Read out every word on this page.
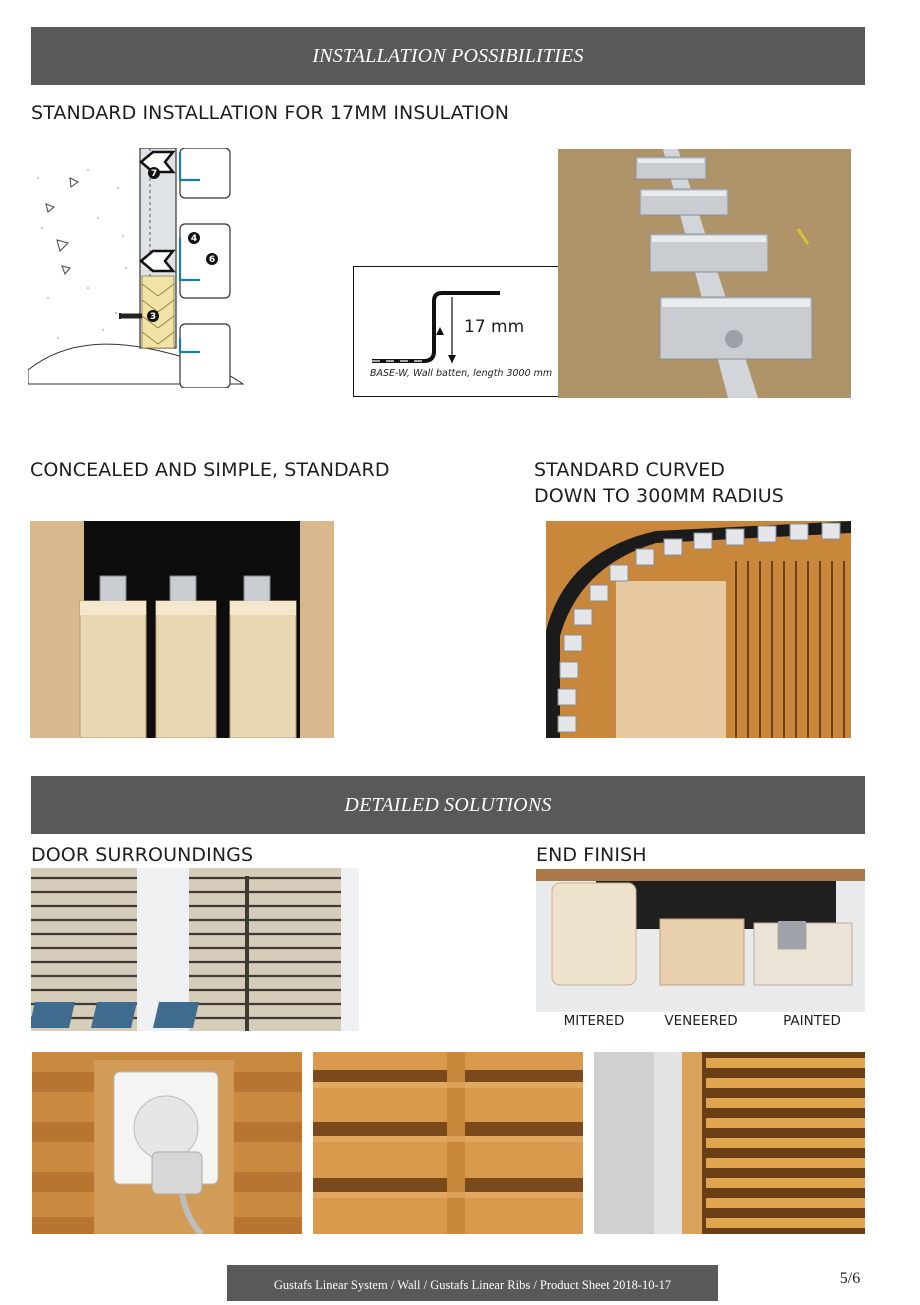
INSTALLATION POSSIBILITIES
STANDARD INSTALLATION FOR 17MM INSULATION
7
4
6
3	17 mm
BASE-W, Wall batten, length 3000 mm
CONCEALED AND SIMPLE, STANDARD	STANDARD CURVED
DOWN TO 300MM RADIUS
DETAILED SOLUTIONS
DOOR SURROUNDINGS	END FINISH
MITERED	VENEERED	PAINTED
Gustafs Linear System / Wall / Gustafs Linear Ribs / Product Sheet 2018-10-17	5/6
